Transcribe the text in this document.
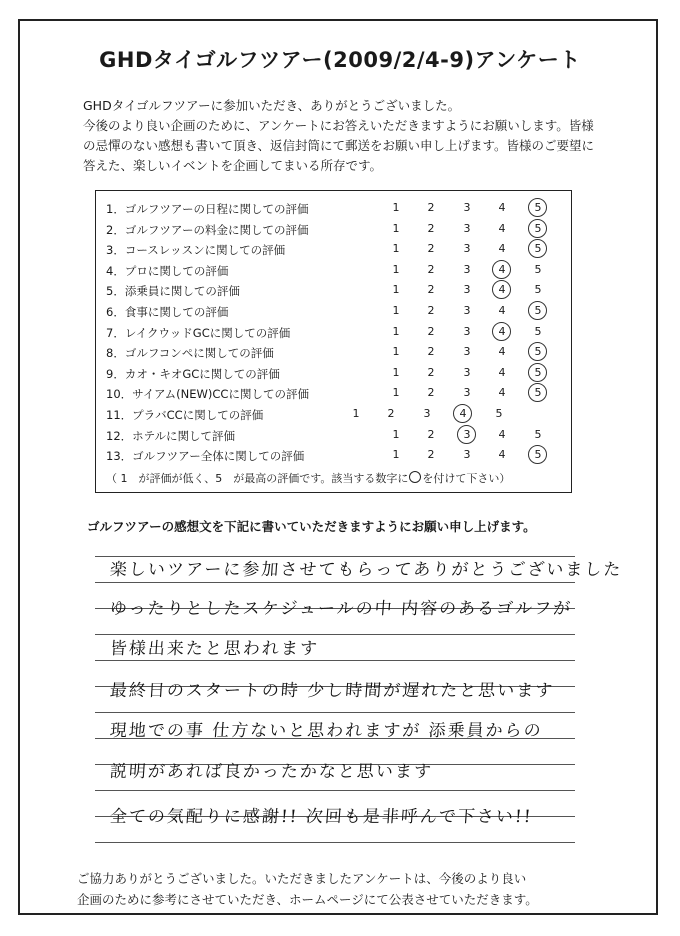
GHDタイゴルフツアー(2009/2/4-9)アンケート
GHDタイゴルフツアーに参加いただき、ありがとうございました。
今後のより良い企画のために、アンケートにお答えいただきますようにお願いします。皆様の忌憚のない感想も書いて頂き、返信封筒にて郵送をお願い申し上げます。皆様のご要望に答えた、楽しいイベントを企画してまいる所存です。
1．ゴルフツアーの日程に関しての評価	1	2	3	4	5
2．ゴルフツアーの料金に関しての評価	1	2	3	4	5
3．コースレッスンに関しての評価	1	2	3	4	5
4．プロに関しての評価	1	2	3	4	5
5．添乗員に関しての評価	1	2	3	4	5
6．食事に関しての評価	1	2	3	4	5
7．レイクウッドGCに関しての評価	1	2	3	4	5
8．ゴルフコンペに関しての評価	1	2	3	4	5
9．カオ・キオGCに関しての評価	1	2	3	4	5
10．サイアム(NEW)CCに関しての評価	1	2	3	4	5
11．プラバCCに関しての評価	1	2	3	4	5
12．ホテルに関して評価	1	2	3	4	5
13．ゴルフツアー全体に関しての評価	1	2	3	4	5
（ 1　が評価が低く、5　が最高の評価です。該当する数字に○を付けて下さい）
ゴルフツアーの感想文を下記に書いていただきますようにお願い申し上げます。
楽しいツアーに参加させてもらってありがとうございました
ゆったりとしたスケジュールの中 内容のあるゴルフが
皆様出来たと思われます
最終日のスタートの時 少し時間が遅れたと思います
現地での事 仕方ないと思われますが 添乗員からの
説明があれば良かったかなと思います
全ての気配りに感謝!! 次回も是非呼んで下さい!!
ご協力ありがとうございました。いただきましたアンケートは、今後のより良い
企画のために参考にさせていただき、ホームページにて公表させていただきます。
